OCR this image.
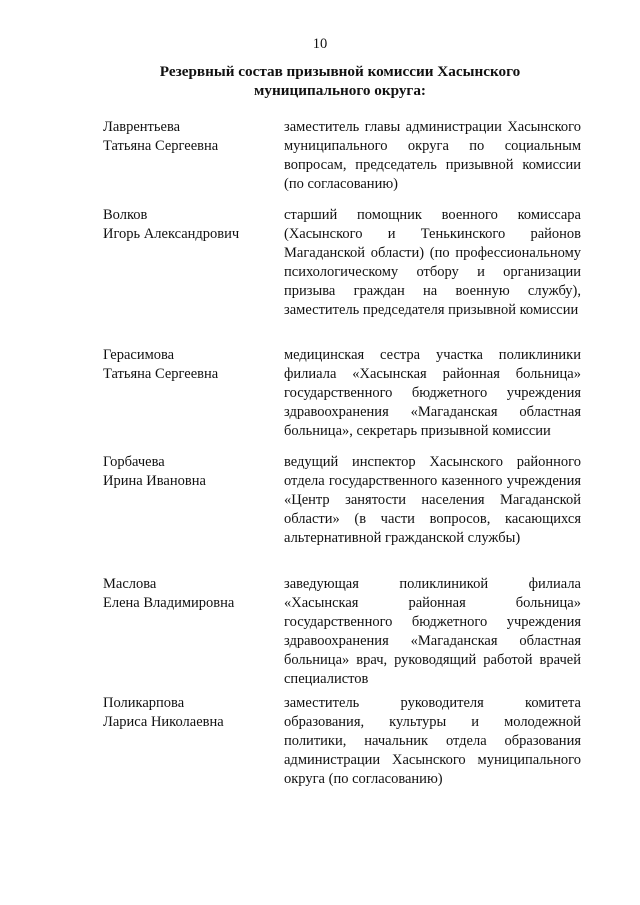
10
Резервный состав призывной комиссии Хасынского
муниципального округа:
Лаврентьева
Татьяна Сергеевна
заместитель главы администрации Хасынского муниципального округа по социальным вопросам, председатель призывной комиссии (по согласованию)
Волков
Игорь Александрович
старший помощник военного комиссара (Хасынского и Тенькинского районов Магаданской области) (по профессиональному психологическому отбору и организации призыва граждан на военную службу), заместитель председателя призывной комиссии
Герасимова
Татьяна Сергеевна
медицинская сестра участка поликлиники филиала «Хасынская районная больница» государственного бюджетного учреждения здравоохранения «Магаданская областная больница», секретарь призывной комиссии
Горбачева
Ирина Ивановна
ведущий инспектор Хасынского районного отдела государственного казенного учреждения «Центр занятости населения Магаданской области» (в части вопросов, касающихся альтернативной гражданской службы)
Маслова
Елена Владимировна
заведующая поликлиникой филиала «Хасынская районная больница» государственного бюджетного учреждения здравоохранения «Магаданская областная больница» врач, руководящий работой врачей специалистов
Поликарпова
Лариса Николаевна
заместитель руководителя комитета образования, культуры и молодежной политики, начальник отдела образования администрации Хасынского муниципального округа (по согласованию)
